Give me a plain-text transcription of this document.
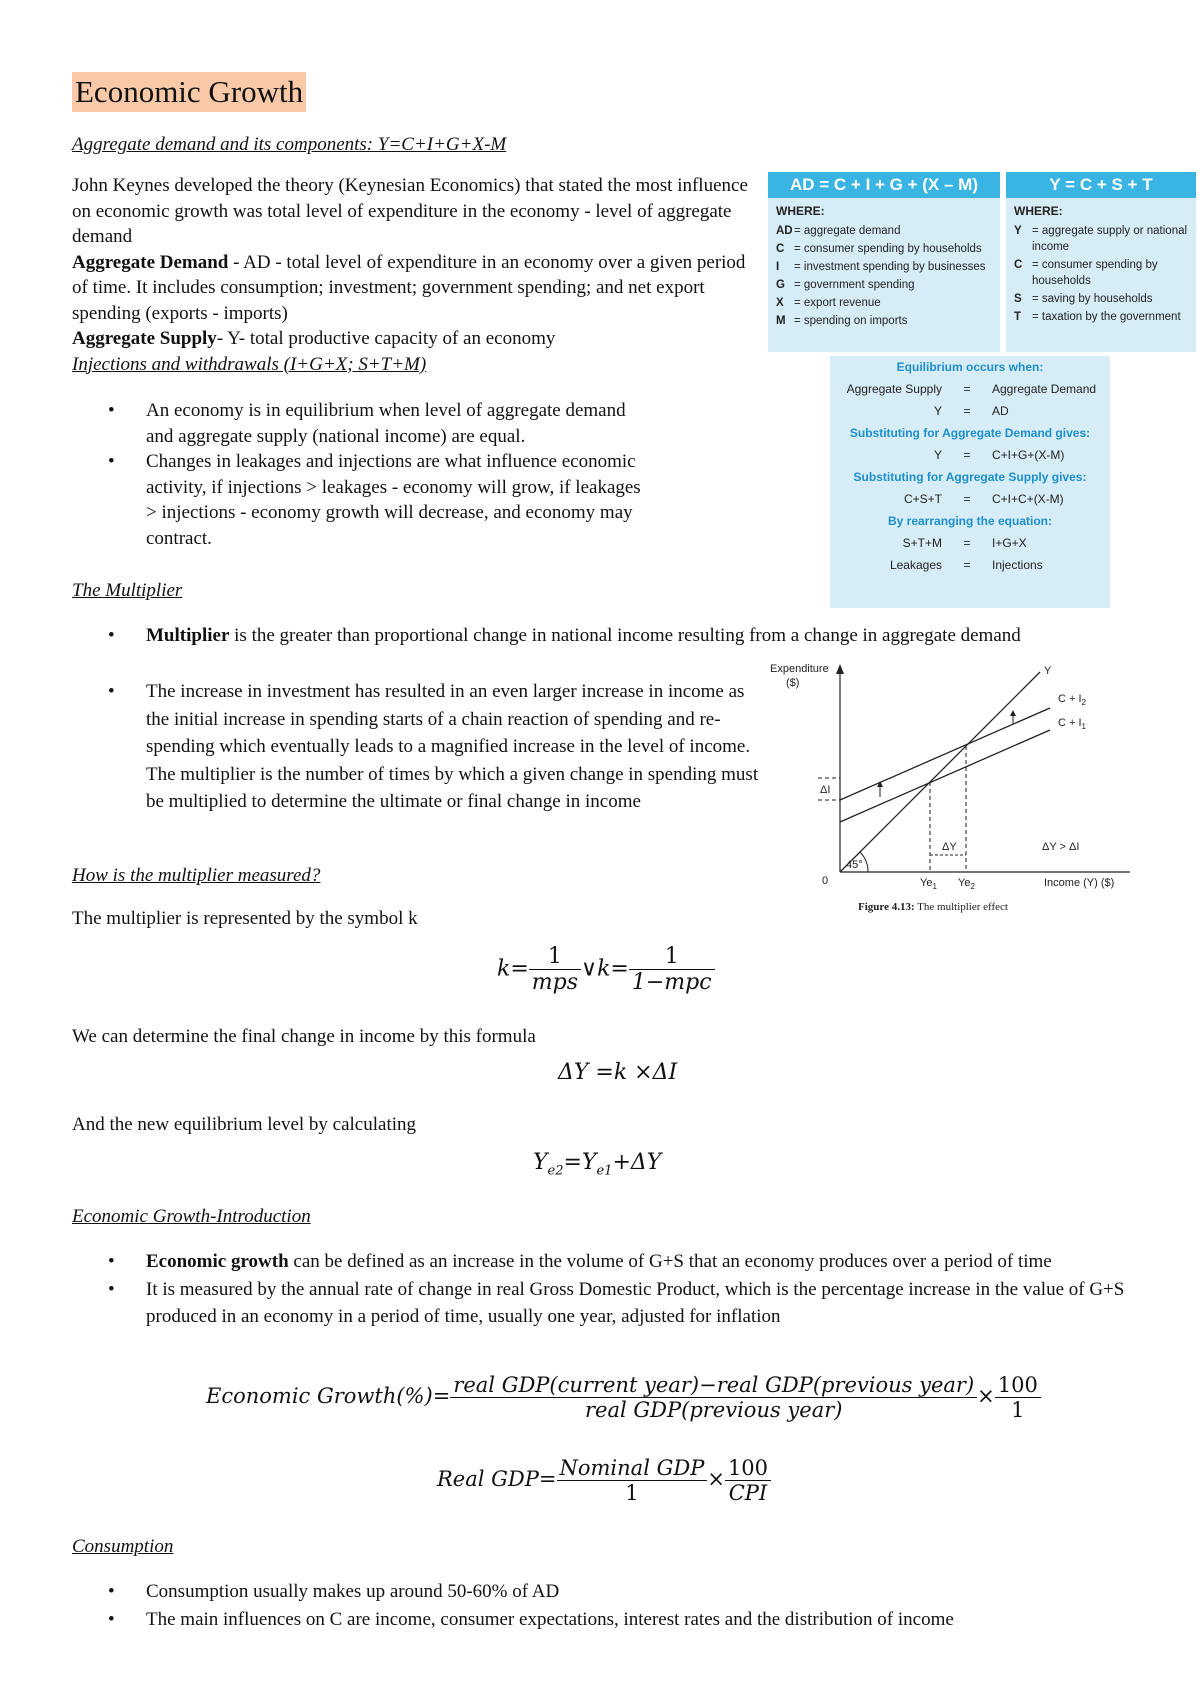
Economic Growth
Aggregate demand and its components: Y=C+I+G+X-M
John Keynes developed the theory (Keynesian Economics) that stated the most influence on economic growth was total level of expenditure in the economy - level of aggregate demand
Aggregate Demand - AD - total level of expenditure in an economy over a given period of time. It includes consumption; investment; government spending; and net export spending (exports - imports)
Aggregate Supply- Y- total productive capacity of an economy
Injections and withdrawals (I+G+X; S+T+M)
• An economy is in equilibrium when level of aggregate demand and aggregate supply (national income) are equal.
• Changes in leakages and injections are what influence economic activity, if injections > leakages - economy will grow, if leakages > injections - economy growth will decrease, and economy may contract.
The Multiplier
• Multiplier is the greater than proportional change in national income resulting from a change in aggregate demand
• The increase in investment has resulted in an even larger increase in income as the initial increase in spending starts of a chain reaction of spending and re-spending which eventually leads to a magnified increase in the level of income. The multiplier is the number of times by which a given change in spending must be multiplied to determine the ultimate or final change in income
How is the multiplier measured?
The multiplier is represented by the symbol k
$k= \frac{1}{\text{mps}}$ ∨k= $\frac{1}{\text{1−mpc}}$
We can determine the final change in income by this formula
ΔY =k ×ΔI
And the new equilibrium level by calculating
$Y_{e2}=Y_{e1}+\Delta Y$
Economic Growth-Introduction
• Economic growth can be defined as an increase in the volume of G+S that an economy produces over a period of time
• It is measured by the annual rate of change in real Gross Domestic Product, which is the percentage increase in the value of G+S produced in an economy in a period of time, usually one year, adjusted for inflation
Economic Growth(%)= $\frac{\text{real GDP(current year)−real GDP(previous year)}}{\text{real GDP(previous year)}} \times \frac{100}{1}$
Real $GDP= \frac{\text{Nominal GDP}}{1} \times \frac{100}{\text{CPI}}$
Consumption
• Consumption usually makes up around 50-60% of AD
• The main influences on C are income, consumer expectations, interest rates and the distribution of income
AD = C + I + G + (X – M)
WHERE:
AD = aggregate demand
C = consumer spending by households
I	= investment spending by businesses
G = government spending
X = export revenue
M = spending on imports
Y = C + S + T
WHERE:
Y = aggregate supply or national income
C = consumer spending by households
S = saving by households
T = taxation by the government
Equilibrium occurs when:
Aggregate Supply	=	Aggregate Demand
Y	=	AD
Substituting for Aggregate Demand gives:
Y	=	C+I+G+(X-M)
Substituting for Aggregate Supply gives:
C+S+T	=	C+I+C+(X-M)
By rearranging the equation:
S+T+M	=	I+G+X
Leakages	=	Injections
Expenditure
($)
0
45°
Y
$C + I_2$
$C + I_1$
ΔI
ΔY	ΔY > ΔI
$Ye_1$ $Ye_2$	Income (Y) ($)
Figure 4.13: The multiplier effect
